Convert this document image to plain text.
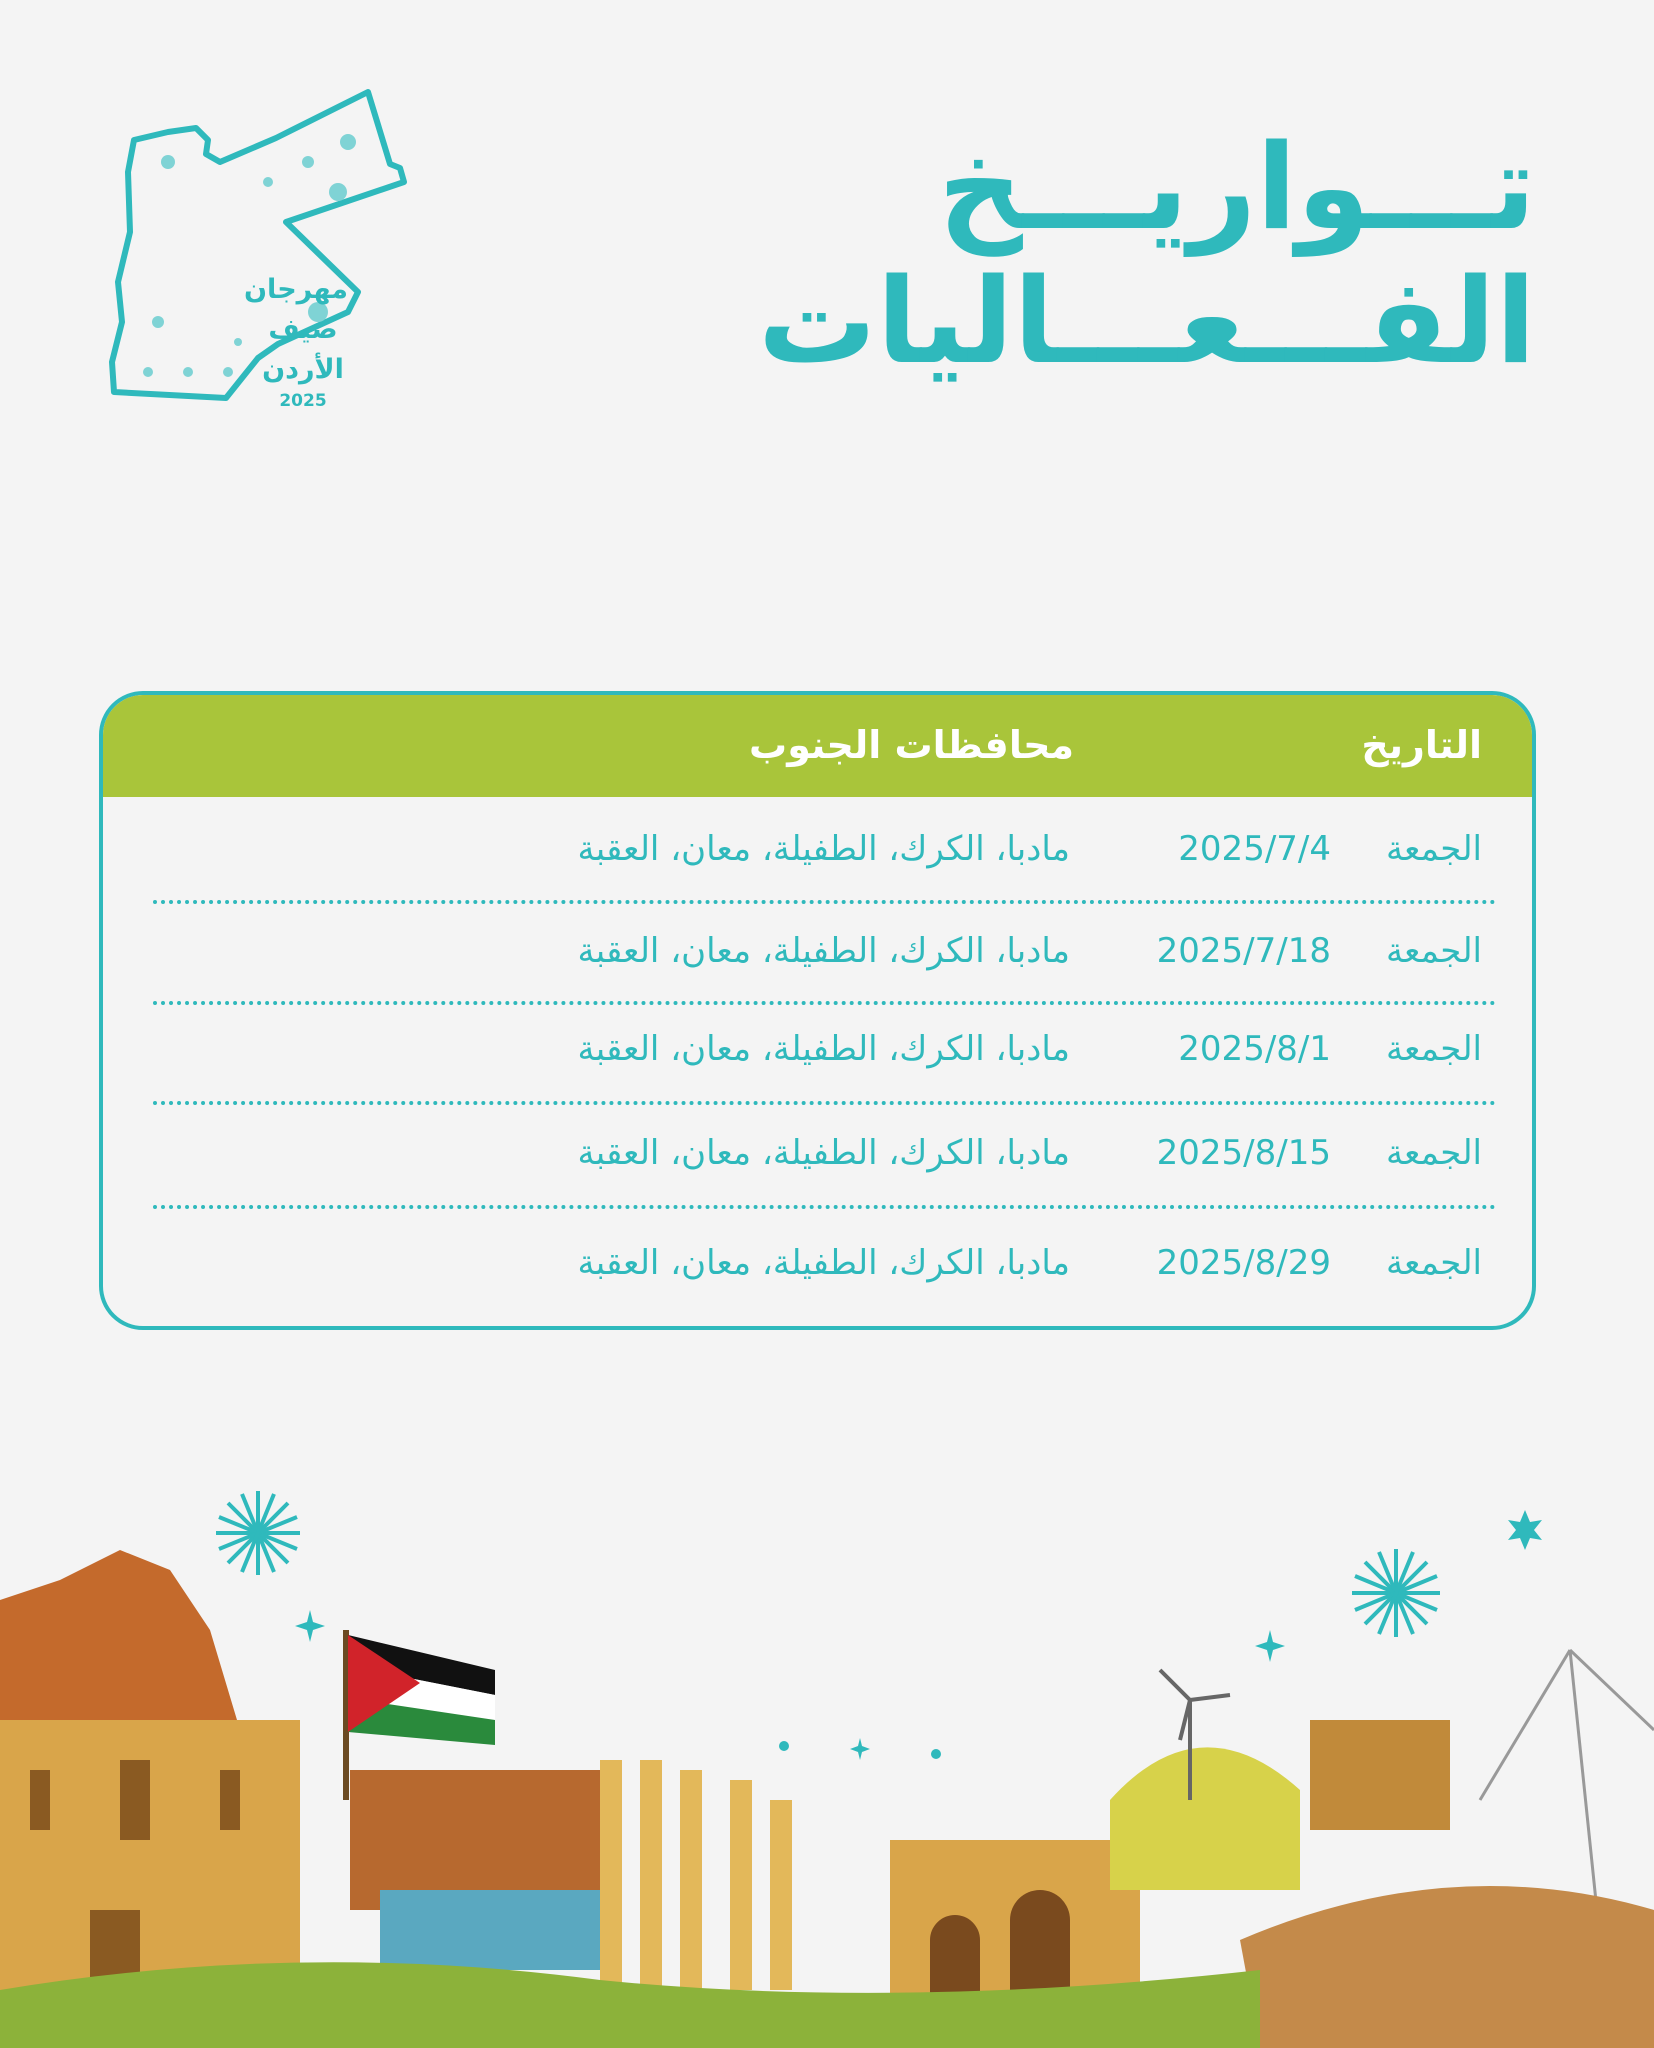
تـــواريـــخ
الفـــعـــاليات
مهرجان
صيف
الأردن
2025
التاريخ
محافظات الجنوب
الجمعة
2025/7/4
مادبا، الكرك، الطفيلة، معان، العقبة
الجمعة
2025/7/18
مادبا، الكرك، الطفيلة، معان، العقبة
الجمعة
2025/8/1
مادبا، الكرك، الطفيلة، معان، العقبة
الجمعة
2025/8/15
مادبا، الكرك، الطفيلة، معان، العقبة
الجمعة
2025/8/29
مادبا، الكرك، الطفيلة، معان، العقبة
